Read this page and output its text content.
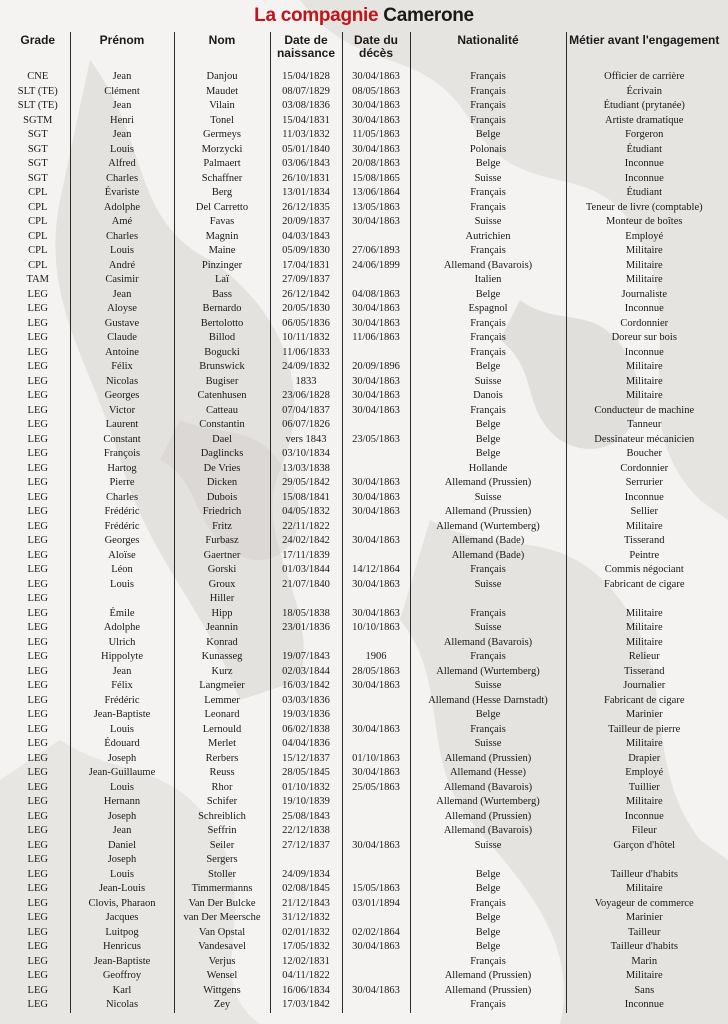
La compagnie Camerone
Grade	Prénom	Nom	Date de naissance	Date du décès	Nationalité	Métier avant l'engagement
CNE	Jean	Danjou	15/04/1828	30/04/1863	Français	Officier de carrière
SLT (TE)	Clément	Maudet	08/07/1829	08/05/1863	Français	Écrivain
SLT (TE)	Jean	Vilain	03/08/1836	30/04/1863	Français	Étudiant (prytanée)
SGTM	Henri	Tonel	15/04/1831	30/04/1863	Français	Artiste dramatique
SGT	Jean	Germeys	11/03/1832	11/05/1863	Belge	Forgeron
SGT	Louis	Morzycki	05/01/1840	30/04/1863	Polonais	Étudiant
SGT	Alfred	Palmaert	03/06/1843	20/08/1863	Belge	Inconnue
SGT	Charles	Schaffner	26/10/1831	15/08/1865	Suisse	Inconnue
CPL	Évariste	Berg	13/01/1834	13/06/1864	Français	Étudiant
CPL	Adolphe	Del Carretto	26/12/1835	13/05/1863	Français	Teneur de livre (comptable)
CPL	Amé	Favas	20/09/1837	30/04/1863	Suisse	Monteur de boîtes
CPL	Charles	Magnin	04/03/1843		Autrichien	Employé
CPL	Louis	Maine	05/09/1830	27/06/1893	Français	Militaire
CPL	André	Pinzinger	17/04/1831	24/06/1899	Allemand (Bavarois)	Militaire
TAM	Casimir	Laï	27/09/1837		Italien	Militaire
LEG	Jean	Bass	26/12/1842	04/08/1863	Belge	Journaliste
LEG	Aloyse	Bernardo	20/05/1830	30/04/1863	Espagnol	Inconnue
LEG	Gustave	Bertolotto	06/05/1836	30/04/1863	Français	Cordonnier
LEG	Claude	Billod	10/11/1832	11/06/1863	Français	Doreur sur bois
LEG	Antoine	Bogucki	11/06/1833		Français	Inconnue
LEG	Félix	Brunswick	24/09/1832	20/09/1896	Belge	Militaire
LEG	Nicolas	Bugiser	1833	30/04/1863	Suisse	Militaire
LEG	Georges	Catenhusen	23/06/1828	30/04/1863	Danois	Militaire
LEG	Victor	Catteau	07/04/1837	30/04/1863	Français	Conducteur de machine
LEG	Laurent	Constantin	06/07/1826		Belge	Tanneur
LEG	Constant	Dael	vers 1843	23/05/1863	Belge	Dessinateur mécanicien
LEG	François	Daglincks	03/10/1834		Belge	Boucher
LEG	Hartog	De Vries	13/03/1838		Hollande	Cordonnier
LEG	Pierre	Dicken	29/05/1842	30/04/1863	Allemand (Prussien)	Serrurier
LEG	Charles	Dubois	15/08/1841	30/04/1863	Suisse	Inconnue
LEG	Frédéric	Friedrich	04/05/1832	30/04/1863	Allemand (Prussien)	Sellier
LEG	Frédéric	Fritz	22/11/1822		Allemand (Wurtemberg)	Militaire
LEG	Georges	Furbasz	24/02/1842	30/04/1863	Allemand (Bade)	Tisserand
LEG	Aloïse	Gaertner	17/11/1839		Allemand (Bade)	Peintre
LEG	Léon	Gorski	01/03/1844	14/12/1864	Français	Commis négociant
LEG	Louis	Groux	21/07/1840	30/04/1863	Suisse	Fabricant de cigare
LEG		Hiller				
LEG	Émile	Hipp	18/05/1838	30/04/1863	Français	Militaire
LEG	Adolphe	Jeannin	23/01/1836	10/10/1863	Suisse	Militaire
LEG	Ulrich	Konrad			Allemand (Bavarois)	Militaire
LEG	Hippolyte	Kunasseg	19/07/1843	1906	Français	Relieur
LEG	Jean	Kurz	02/03/1844	28/05/1863	Allemand (Wurtemberg)	Tisserand
LEG	Félix	Langmeier	16/03/1842	30/04/1863	Suisse	Journalier
LEG	Frédéric	Lemmer	03/03/1836		Allemand (Hesse Darnstadt)	Fabricant de cigare
LEG	Jean-Baptiste	Leonard	19/03/1836		Belge	Marinier
LEG	Louis	Lernould	06/02/1838	30/04/1863	Français	Tailleur de pierre
LEG	Édouard	Merlet	04/04/1836		Suisse	Militaire
LEG	Joseph	Rerbers	15/12/1837	01/10/1863	Allemand (Prussien)	Drapier
LEG	Jean-Guillaume	Reuss	28/05/1845	30/04/1863	Allemand (Hesse)	Employé
LEG	Louis	Rhor	01/10/1832	25/05/1863	Allemand (Bavarois)	Tuillier
LEG	Hernann	Schifer	19/10/1839		Allemand (Wurtemberg)	Militaire
LEG	Joseph	Schreiblich	25/08/1843		Allemand (Prussien)	Inconnue
LEG	Jean	Seffrin	22/12/1838		Allemand (Bavarois)	Fileur
LEG	Daniel	Seiler	27/12/1837	30/04/1863	Suisse	Garçon d'hôtel
LEG	Joseph	Sergers				
LEG	Louis	Stoller	24/09/1834		Belge	Tailleur d'habits
LEG	Jean-Louis	Timmermanns	02/08/1845	15/05/1863	Belge	Militaire
LEG	Clovis, Pharaon	Van Der Bulcke	21/12/1843	03/01/1894	Français	Voyageur de commerce
LEG	Jacques	van Der Meersche	31/12/1832		Belge	Marinier
LEG	Luitpog	Van Opstal	02/01/1832	02/02/1864	Belge	Tailleur
LEG	Henricus	Vandesavel	17/05/1832	30/04/1863	Belge	Tailleur d'habits
LEG	Jean-Baptiste	Verjus	12/02/1831		Français	Marin
LEG	Geoffroy	Wensel	04/11/1822		Allemand (Prussien)	Militaire
LEG	Karl	Wittgens	16/06/1834	30/04/1863	Allemand (Prussien)	Sans
LEG	Nicolas	Zey	17/03/1842		Français	Inconnue
